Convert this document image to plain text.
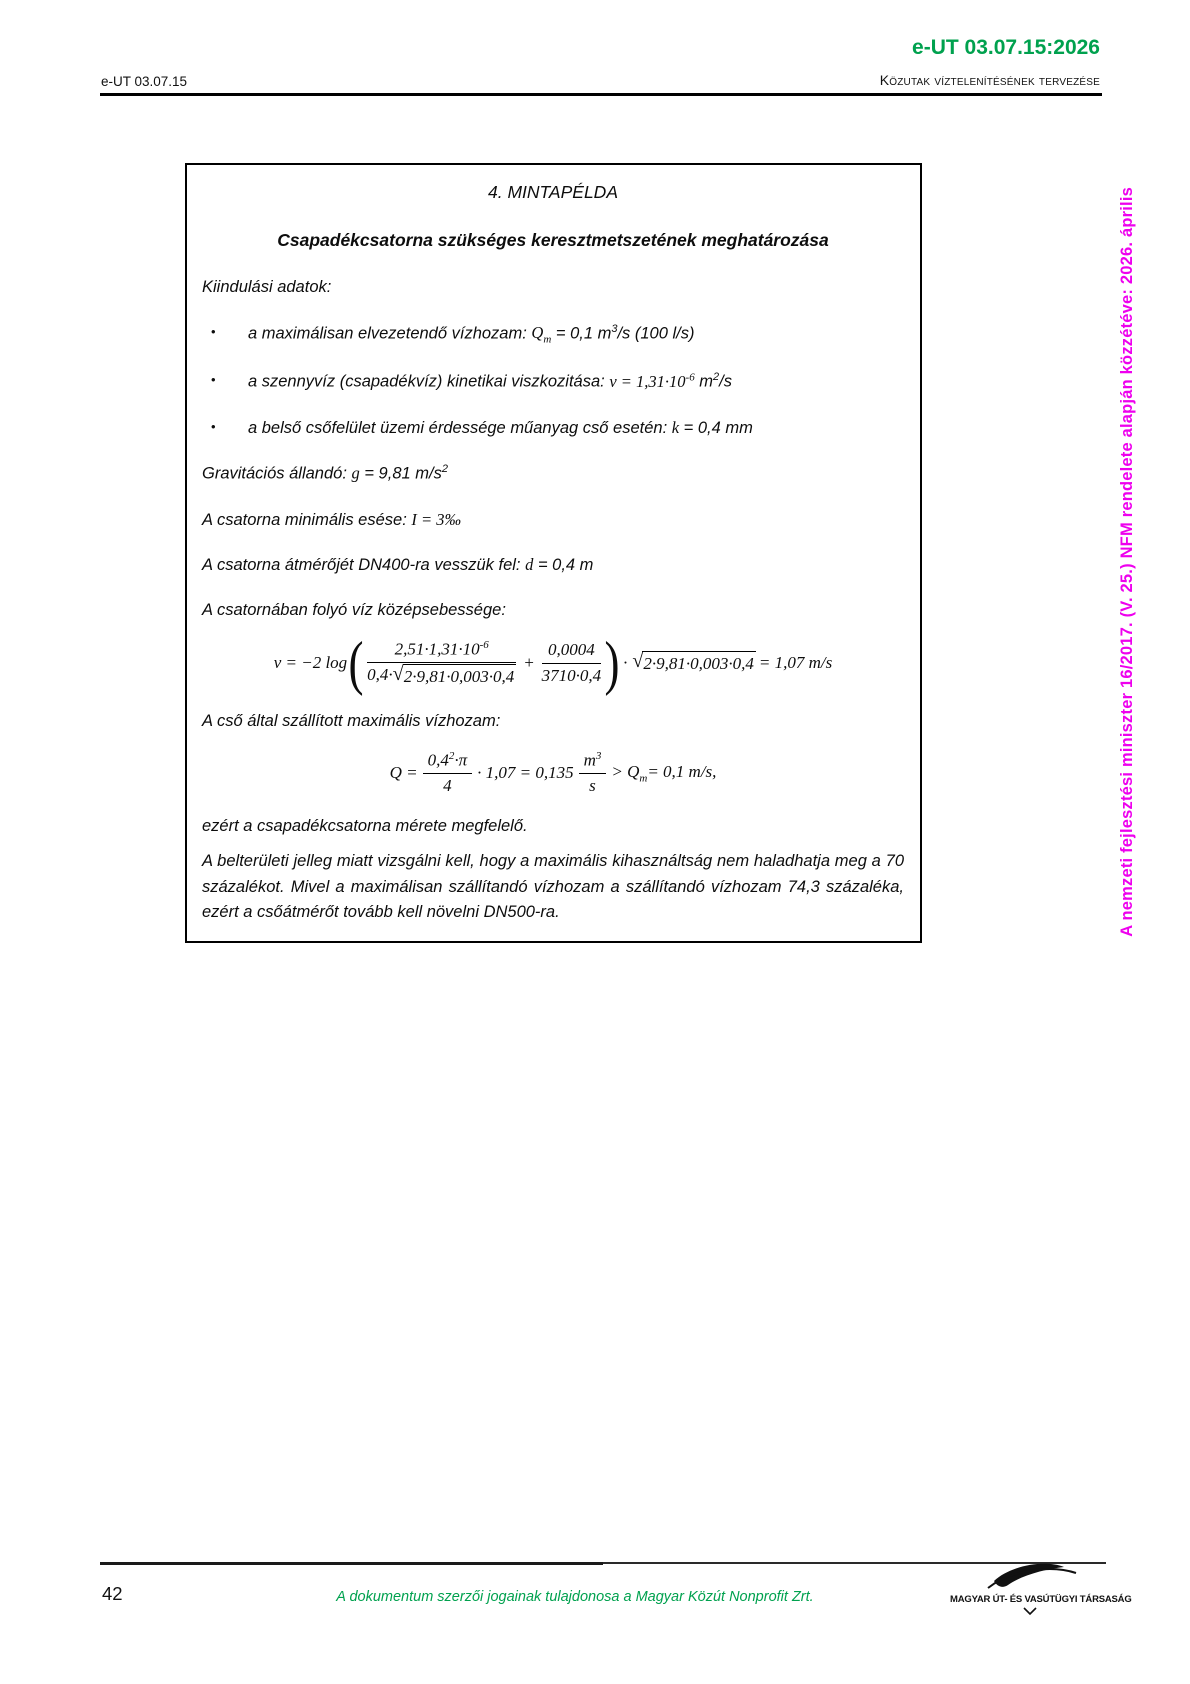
e-UT 03.07.15:2026
e-UT 03.07.15	Közutak víztelenítésének tervezése
A nemzeti fejlesztési miniszter 16/2017. (V. 25.) NFM rendelete alapján közzétéve: 2026. április

4. MINTAPÉLDA

Csapadékcsatorna szükséges keresztmetszetének meghatározása

Kiindulási adatok:

•	a maximálisan elvezetendő vízhozam: $Q_m = 0,1$ $m^3/s$ (100 l/s)
•	a szennyvíz (csapadékvíz) kinetikai viszkozitása: $\nu = 1,31\cdot 10^{-6}$ $m^2/s$
•	a belső csőfelület üzemi érdessége műanyag cső esetén: k = 0,4 mm

Gravitációs állandó: g = 9,81 $m/s^2$

A csatorna minimális esése: I = 3‰

A csatorna átmérőjét DN400-ra vesszük fel: d = 0,4 m

A csatornában folyó víz középsebessége:

v = −2 log ( $\frac{2,51\cdot 1,31\cdot 10^{-6}}{0,4\cdot √ 2\cdot 9,81\cdot 0,003\cdot 0,4} + \frac{0,0004}{3710\cdot 0,4}$ ) · √ 2·9,81·0,003·0,4 = 1,07 m/s

A cső által szállított maximális vízhozam:

$Q = \frac{0,4^2\cdot\pi}{4} \cdot 1,07 = 0,135 \frac{m^3}{s} > Q_m= 0,1$ m/s,

ezért a csapadékcsatorna mérete megfelelő.

A belterületi jelleg miatt vizsgálni kell, hogy a maximális kihasználtság nem haladhatja meg a 70 százalékot. Mivel a maximálisan szállítandó vízhozam a szállítandó vízhozam 74,3 százaléka, ezért a csőátmérőt tovább kell növelni DN500-ra.

42	A dokumentum szerzői jogainak tulajdonosa a Magyar Közút Nonprofit Zrt.	MAGYAR ÚT- ÉS VASÚTÜGYI TÁRSASÁG
